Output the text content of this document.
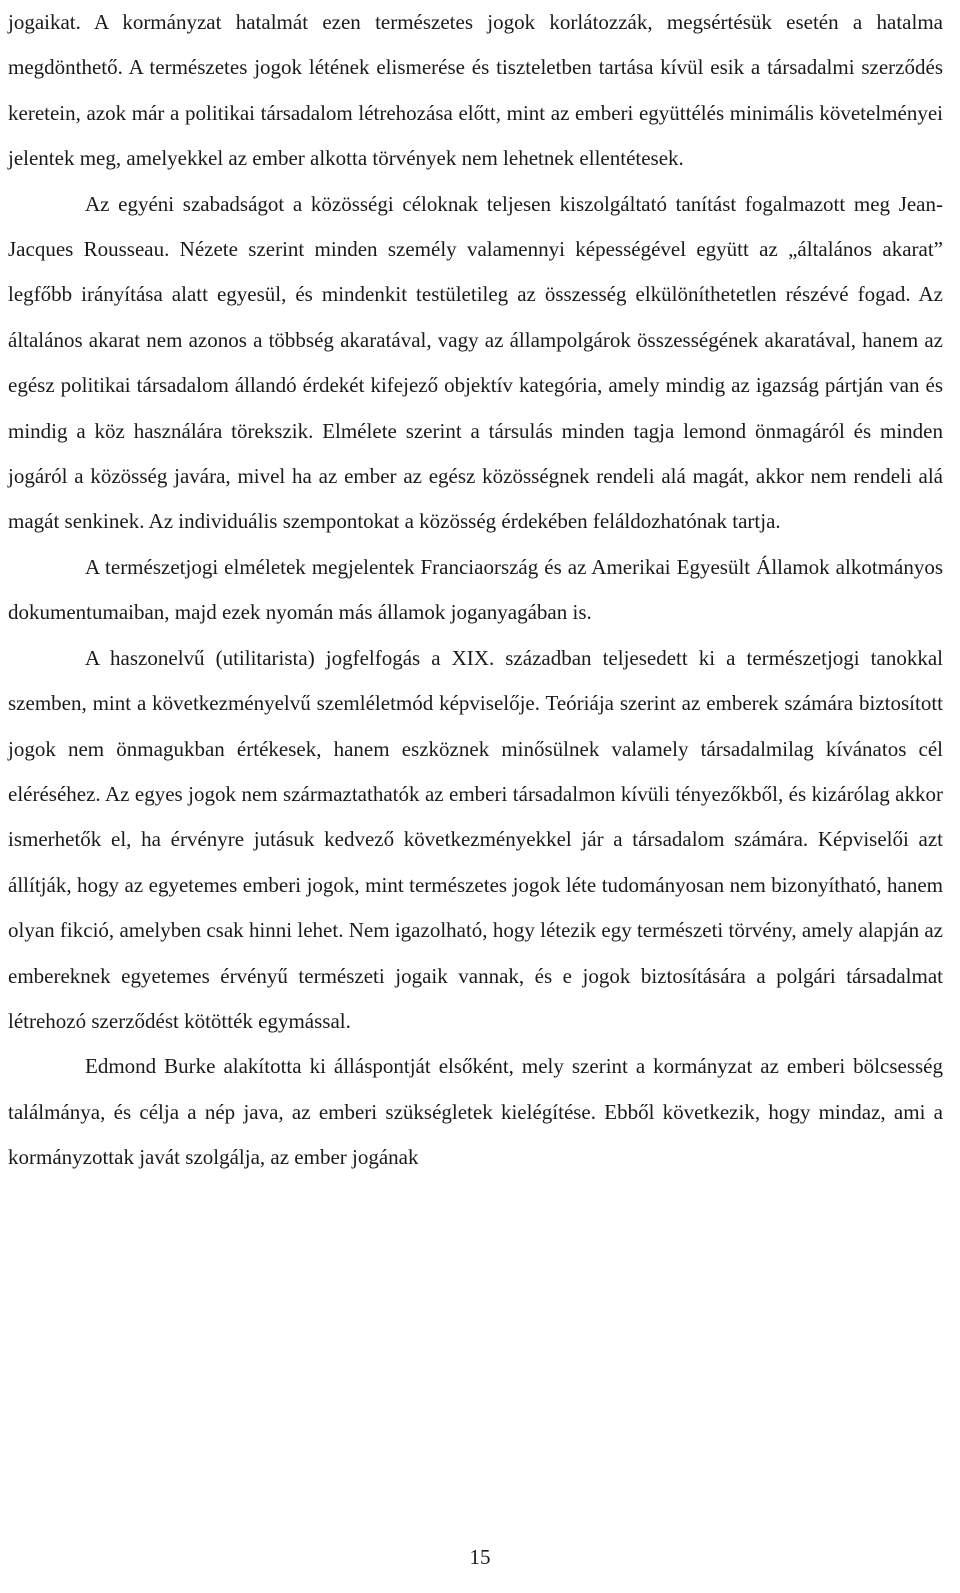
jogaikat. A kormányzat hatalmát ezen természetes jogok korlátozzák, megsértésük esetén a hatalma megdönthető. A természetes jogok létének elismerése és tiszteletben tartása kívül esik a társadalmi szerződés keretein, azok már a politikai társadalom létrehozása előtt, mint az emberi együttélés minimális követelményei jelentek meg, amelyekkel az ember alkotta törvények nem lehetnek ellentétesek.

Az egyéni szabadságot a közösségi céloknak teljesen kiszolgáltató tanítást fogalmazott meg Jean-Jacques Rousseau. Nézete szerint minden személy valamennyi képességével együtt az „általános akarat” legfőbb irányítása alatt egyesül, és mindenkit testületileg az összesség elkülöníthetetlen részévé fogad. Az általános akarat nem azonos a többség akaratával, vagy az állampolgárok összességének akaratával, hanem az egész politikai társadalom állandó érdekét kifejező objektív kategória, amely mindig az igazság pártján van és mindig a köz használára törekszik. Elmélete szerint a társulás minden tagja lemond önmagáról és minden jogáról a közösség javára, mivel ha az ember az egész közösségnek rendeli alá magát, akkor nem rendeli alá magát senkinek. Az individuális szempontokat a közösség érdekében feláldozhatónak tartja.

A természetjogi elméletek megjelentek Franciaország és az Amerikai Egyesült Államok alkotmányos dokumentumaiban, majd ezek nyomán más államok joganyagában is.

A haszonelvű (utilitarista) jogfelfogás a XIX. században teljesedett ki a természetjogi tanokkal szemben, mint a következményelvű szemléletmód képviselője. Teóriája szerint az emberek számára biztosított jogok nem önmagukban értékesek, hanem eszköznek minősülnek valamely társadalmilag kívánatos cél eléréséhez. Az egyes jogok nem származtathatók az emberi társadalmon kívüli tényezőkből, és kizárólag akkor ismerhetők el, ha érvényre jutásuk kedvező következményekkel jár a társadalom számára. Képviselői azt állítják, hogy az egyetemes emberi jogok, mint természetes jogok léte tudományosan nem bizonyítható, hanem olyan fikció, amelyben csak hinni lehet. Nem igazolható, hogy létezik egy természeti törvény, amely alapján az embereknek egyetemes érvényű természeti jogaik vannak, és e jogok biztosítására a polgári társadalmat létrehozó szerződést kötötték egymással.

Edmond Burke alakította ki álláspontját elsőként, mely szerint a kormányzat az emberi bölcsesség találmánya, és célja a nép java, az emberi szükségletek kielégítése. Ebből következik, hogy mindaz, ami a kormányzottak javát szolgálja, az ember jogának

15
